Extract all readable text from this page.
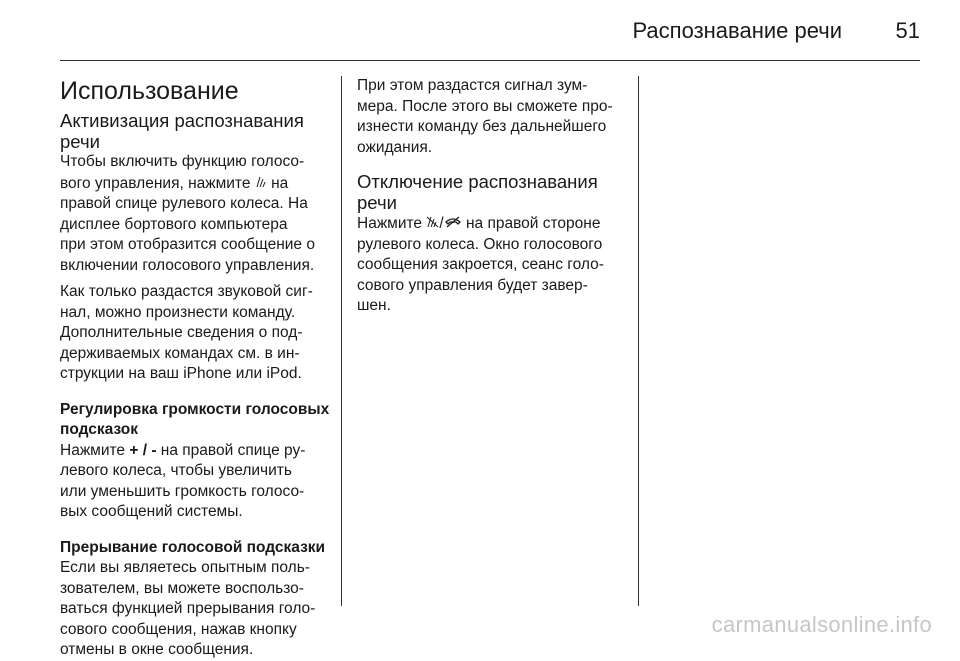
Распознавание речи 51
Использование
Активизация распознавания
речи

Чтобы включить функцию голосо-
вого управления, нажмите  на
правой спице рулевого колеса. На
дисплее бортового компьютера
при этом отобразится сообщение о
включении голосового управления.

Как только раздастся звуковой сиг-
нал, можно произнести команду.
Дополнительные сведения о под-
держиваемых командах см. в ин-
струкции на ваш iPhone или iPod.

Регулировка громкости голосовых
подсказок

Нажмите + / - на правой спице ру-
левого колеса, чтобы увеличить
или уменьшить громкость голосо-
вых сообщений системы.

Прерывание голосовой подсказки

Если вы являетесь опытным поль-
зователем, вы можете воспользо-
ваться функцией прерывания голо-
сового сообщения, нажав кнопку
отмены в окне сообщения.

При этом раздастся сигнал зум-
мера. После этого вы сможете про-
изнести команду без дальнейшего
ожидания.

Отключение распознавания
речи

Нажмите / на правой стороне
рулевого колеса. Окно голосового
сообщения закроется, сеанс голо-
сового управления будет завер-
шен.

carmanualsonline.info
